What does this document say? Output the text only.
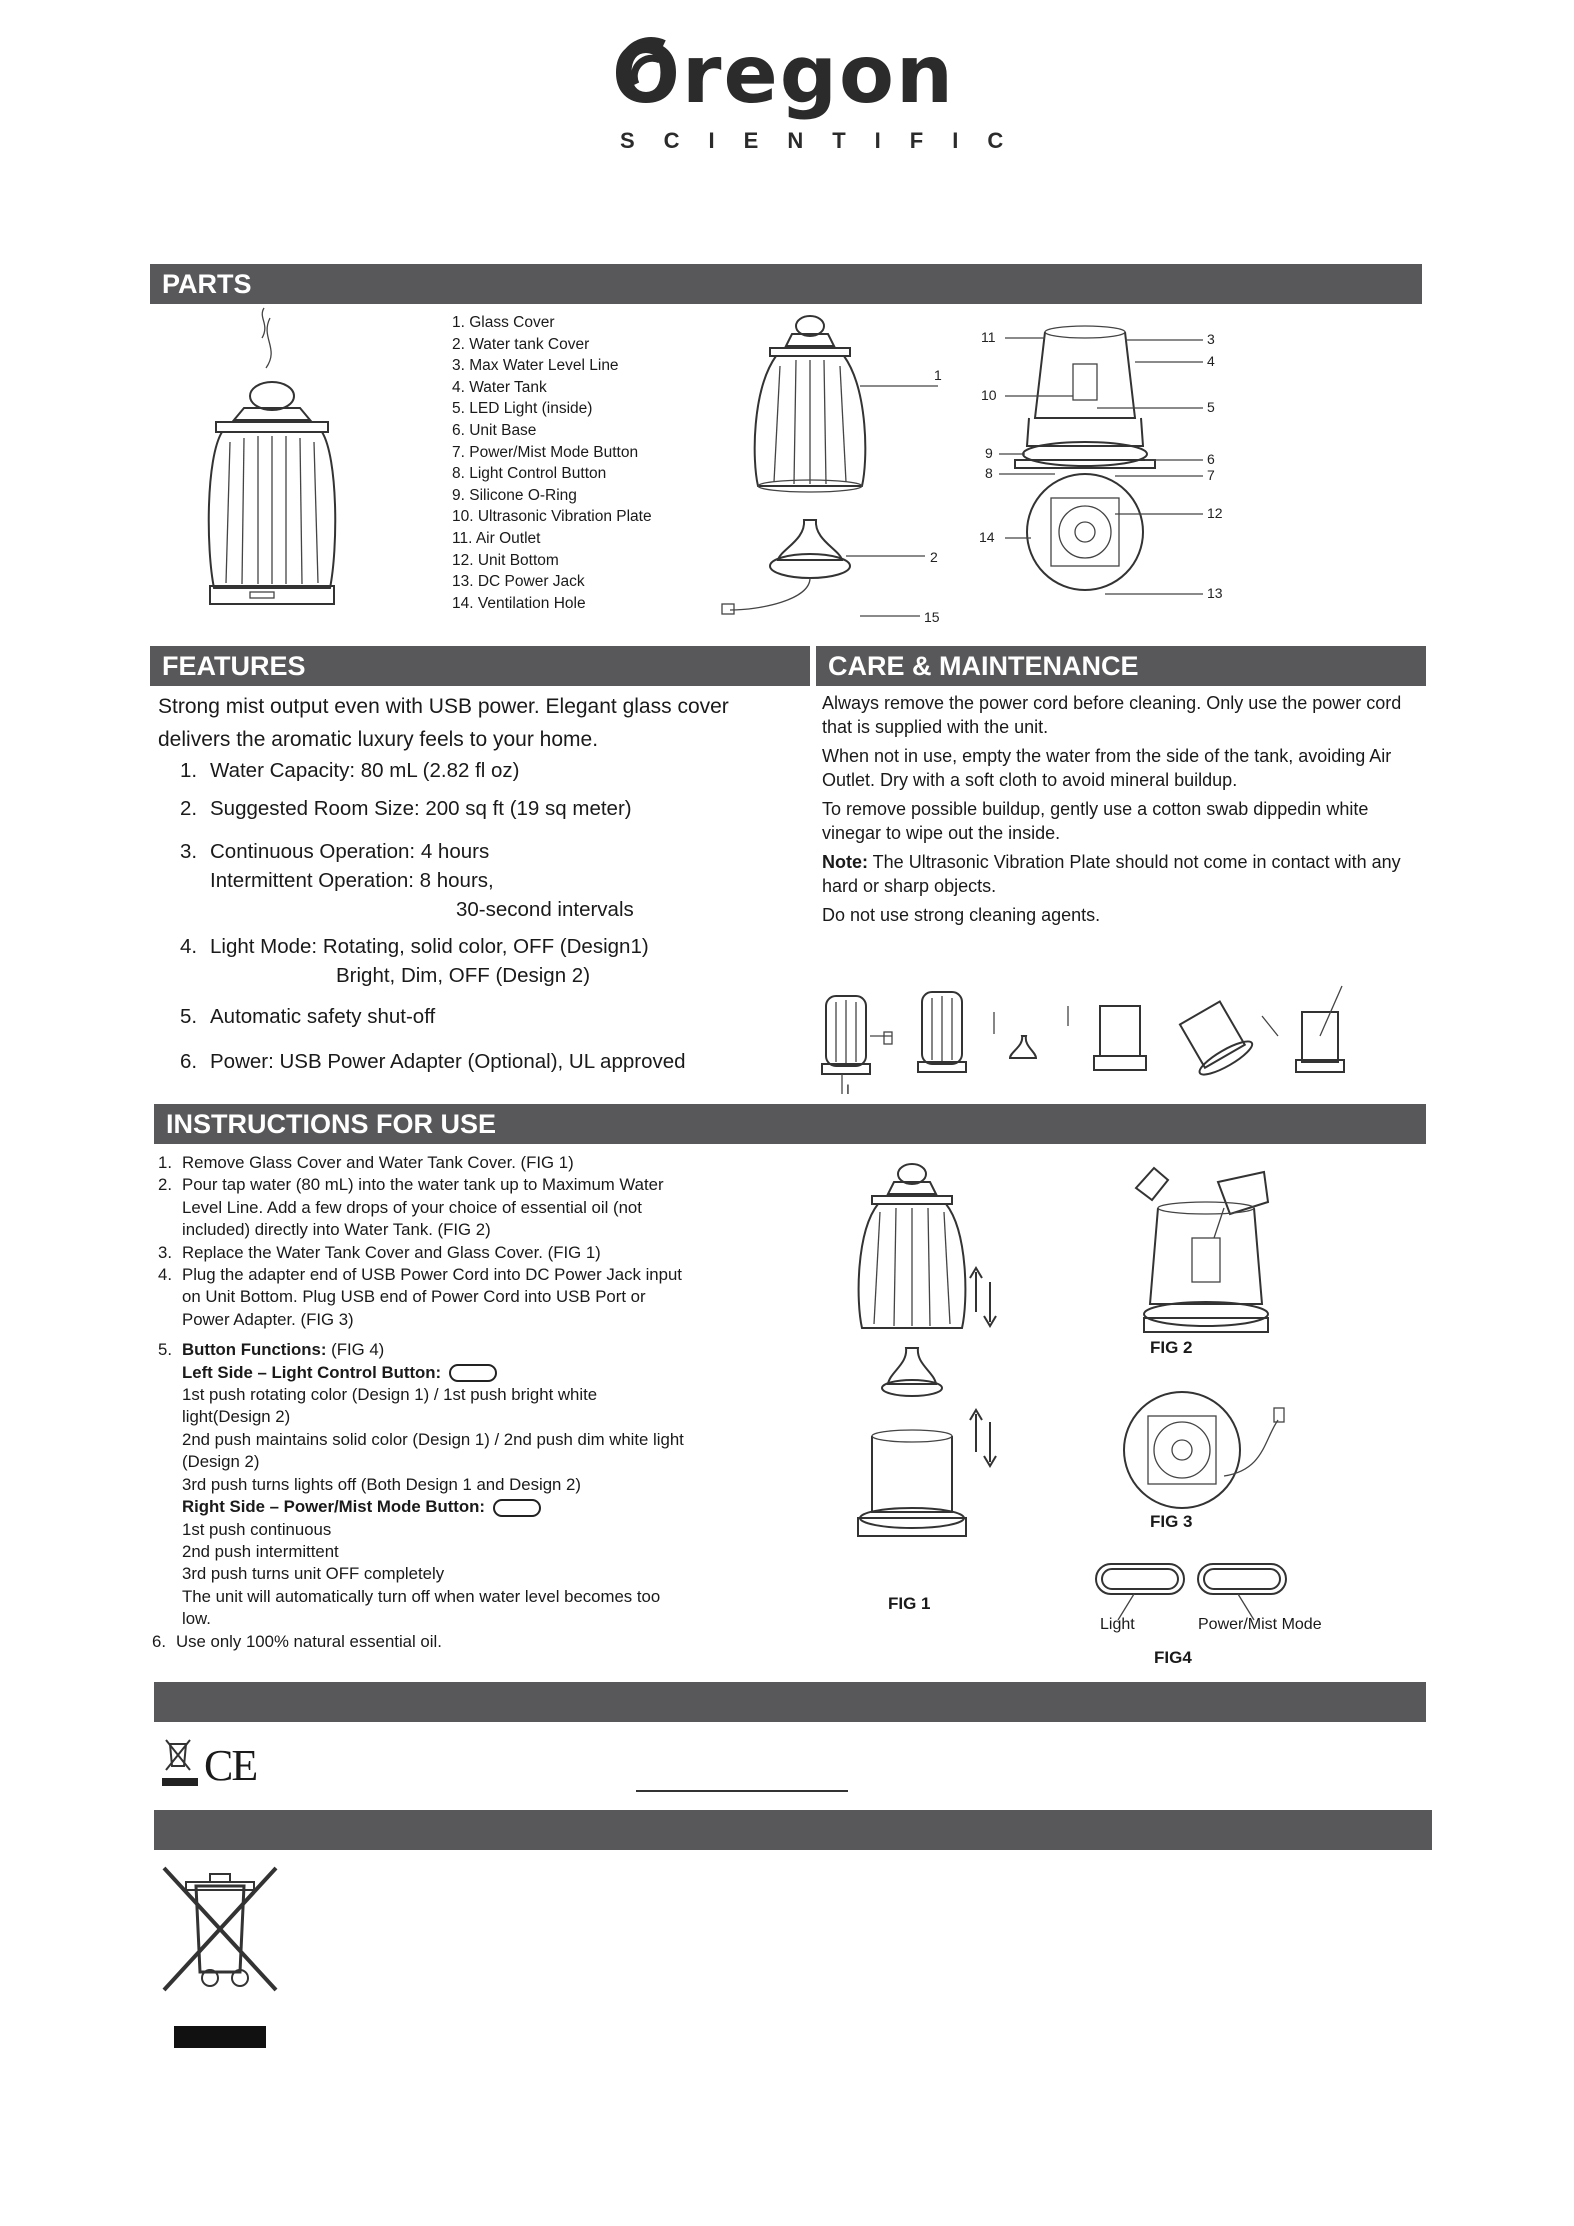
Oregon
SCIENTIFIC
PARTS
1. Glass Cover
2. Water tank Cover
3. Max Water Level Line
4. Water Tank
5. LED Light (inside)
6. Unit Base
7. Power/Mist Mode Button
8. Light Control Button
9. Silicone O-Ring
10. Ultrasonic Vibration Plate
11. Air Outlet
12. Unit Bottom
13. DC Power Jack
14. Ventilation Hole
1
2
15
11
10
9
8
14
3
4
5
6
7
12
13
FEATURES	CARE & MAINTENANCE
Strong mist output even with USB power. Elegant glass cover delivers the aromatic luxury feels to your home.
1. Water Capacity: 80 mL (2.82 fl oz)
2. Suggested Room Size: 200 sq ft (19 sq meter)
3. Continuous Operation: 4 hours
Intermittent Operation: 8 hours,
30-second intervals
4. Light Mode: Rotating, solid color, OFF (Design1)
Bright, Dim, OFF (Design 2)
5. Automatic safety shut-off
6. Power: USB Power Adapter (Optional), UL approved

Always remove the power cord before cleaning. Only use the power cord that is supplied with the unit.

When not in use, empty the water from the side of the tank, avoiding Air Outlet. Dry with a soft cloth to avoid mineral buildup.

To remove possible buildup, gently use a cotton swab dippedin white vinegar to wipe out the inside.

Note: The Ultrasonic Vibration Plate should not come in contact with any hard or sharp objects.

Do not use strong cleaning agents.

I
INSTRUCTIONS FOR USE
1. Remove Glass Cover and Water Tank Cover. (FIG 1)
2. Pour tap water (80 mL) into the water tank up to Maximum Water Level Line. Add a few drops of your choice of essential oil (not included) directly into Water Tank. (FIG 2)
3. Replace the Water Tank Cover and Glass Cover. (FIG 1)
4. Plug the adapter end of USB Power Cord into DC Power Jack input on Unit Bottom. Plug USB end of Power Cord into USB Port or Power Adapter. (FIG 3)
5. Button Functions: (FIG 4)
Left Side – Light Control Button:
1st push rotating color (Design 1) / 1st push bright white light(Design 2)
2nd push maintains solid color (Design 1) / 2nd push dim white light (Design 2)
3rd push turns lights off (Both Design 1 and Design 2)
Right Side – Power/Mist Mode Button:
1st push continuous
2nd push intermittent
3rd push turns unit OFF completely
The unit will automatically turn off when water level becomes too low.
6. Use only 100% natural essential oil.
FIG 1
FIG 2
FIG 3
Light	Power/Mist Mode
FIG4
CE
